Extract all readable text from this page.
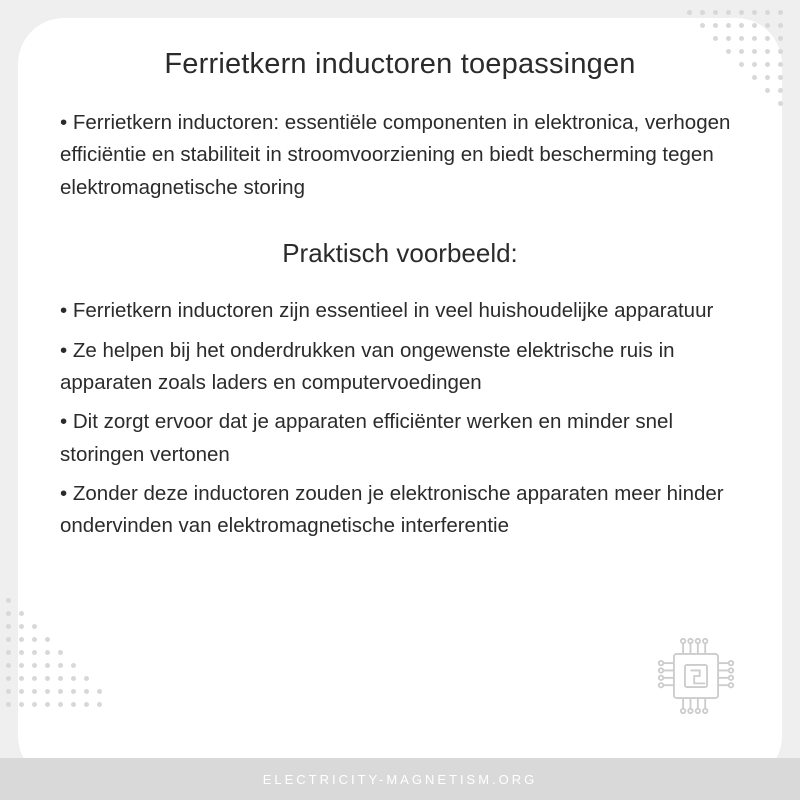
Ferrietkern inductoren toepassingen

• Ferrietkern inductoren: essentiële componenten in elektronica, verhogen efficiëntie en stabiliteit in stroomvoorziening en biedt bescherming tegen elektromagnetische storing

Praktisch voorbeeld:
• Ferrietkern inductoren zijn essentieel in veel huishoudelijke apparatuur
• Ze helpen bij het onderdrukken van ongewenste elektrische ruis in apparaten zoals laders en computervoedingen
• Dit zorgt ervoor dat je apparaten efficiënter werken en minder snel storingen vertonen
• Zonder deze inductoren zouden je elektronische apparaten meer hinder ondervinden van elektromagnetische interferentie
ELECTRICITY-MAGNETISM.ORG
